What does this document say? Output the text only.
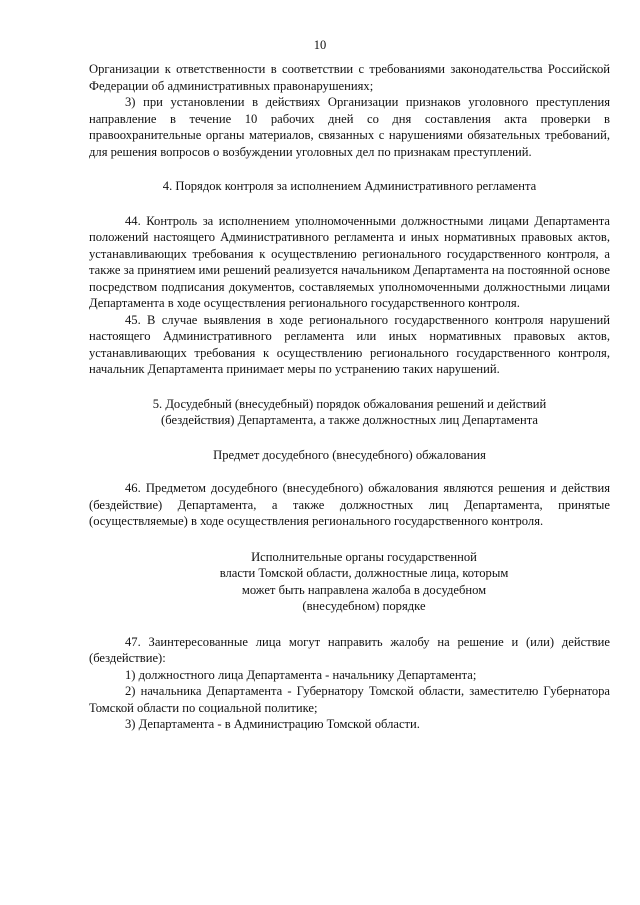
10

Организации к ответственности в соответствии с требованиями законодательства Российской Федерации об административных правонарушениях;

3) при установлении в действиях Организации признаков уголовного преступления направление в течение 10 рабочих дней со дня составления акта проверки в правоохранительные органы материалов, связанных с нарушениями обязательных требований, для решения вопросов о возбуждении уголовных дел по признакам преступлений.

4. Порядок контроля за исполнением Административного регламента

44. Контроль за исполнением уполномоченными должностными лицами Департамента положений настоящего Административного регламента и иных нормативных правовых актов, устанавливающих требования к осуществлению регионального государственного контроля, а также за принятием ими решений реализуется начальником Департамента на постоянной основе посредством подписания документов, составляемых уполномоченными должностными лицами Департамента в ходе осуществления регионального государственного контроля.

45. В случае выявления в ходе регионального государственного контроля нарушений настоящего Административного регламента или иных нормативных правовых актов, устанавливающих требования к осуществлению регионального государственного контроля, начальник Департамента принимает меры по устранению таких нарушений.

5. Досудебный (внесудебный) порядок обжалования решений и действий
(бездействия) Департамента, а также должностных лиц Департамента

Предмет досудебного (внесудебного) обжалования

46. Предметом досудебного (внесудебного) обжалования являются решения и действия (бездействие) Департамента, а также должностных лиц Департамента, принятые (осуществляемые) в ходе осуществления регионального государственного контроля.

Исполнительные органы государственной
власти Томской области, должностные лица, которым
может быть направлена жалоба в досудебном
(внесудебном) порядке

47. Заинтересованные лица могут направить жалобу на решение и (или) действие (бездействие):

1) должностного лица Департамента - начальнику Департамента;

2) начальника Департамента - Губернатору Томской области, заместителю Губернатора Томской области по социальной политике;

3) Департамента - в Администрацию Томской области.
